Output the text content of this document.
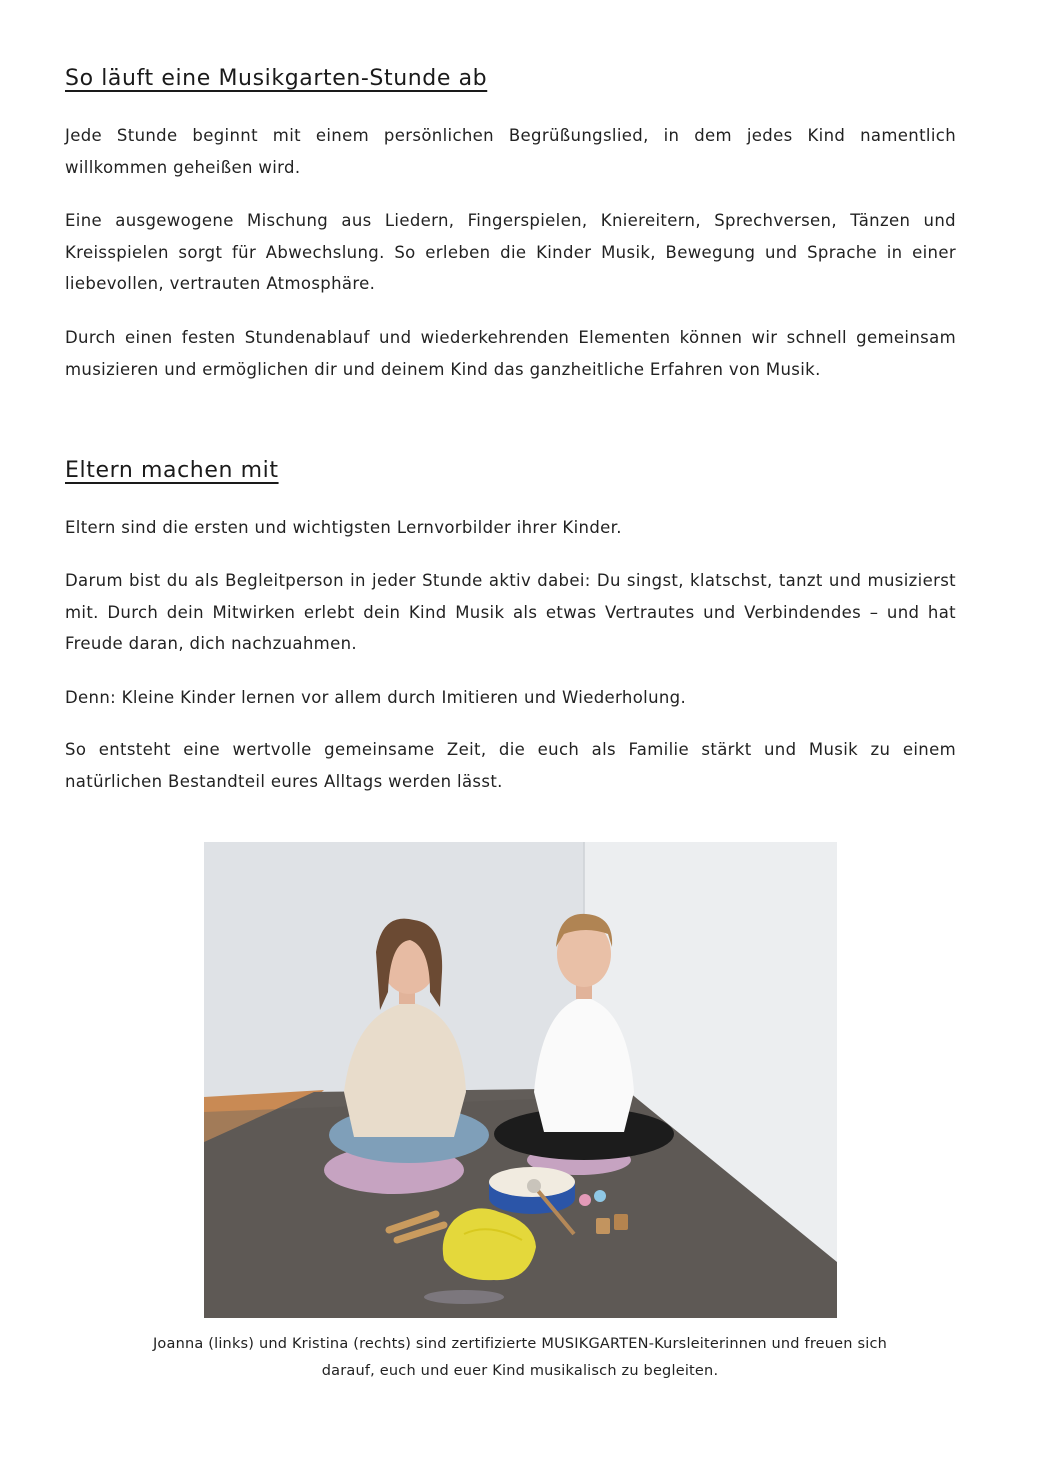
So läuft eine Musikgarten-Stunde ab

Jede Stunde beginnt mit einem persönlichen Begrüßungslied, in dem jedes Kind namentlich willkommen geheißen wird.

Eine ausgewogene Mischung aus Liedern, Fingerspielen, Kniereitern, Sprechversen, Tänzen und Kreisspielen sorgt für Abwechslung. So erleben die Kinder Musik, Bewegung und Sprache in einer liebevollen, vertrauten Atmosphäre.

Durch einen festen Stundenablauf und wiederkehrenden Elementen können wir schnell gemeinsam musizieren und ermöglichen dir und deinem Kind das ganzheitliche Erfahren von Musik.

Eltern machen mit

Eltern sind die ersten und wichtigsten Lernvorbilder ihrer Kinder.

Darum bist du als Begleitperson in jeder Stunde aktiv dabei: Du singst, klatschst, tanzt und musizierst mit. Durch dein Mitwirken erlebt dein Kind Musik als etwas Vertrautes und Verbindendes – und hat Freude daran, dich nachzuahmen.

Denn: Kleine Kinder lernen vor allem durch Imitieren und Wiederholung.

So entsteht eine wertvolle gemeinsame Zeit, die euch als Familie stärkt und Musik zu einem natürlichen Bestandteil eures Alltags werden lässt.

Joanna (links) und Kristina (rechts) sind zertifizierte MUSIKGARTEN-Kursleiterinnen und freuen sich
darauf, euch und euer Kind musikalisch zu begleiten.
